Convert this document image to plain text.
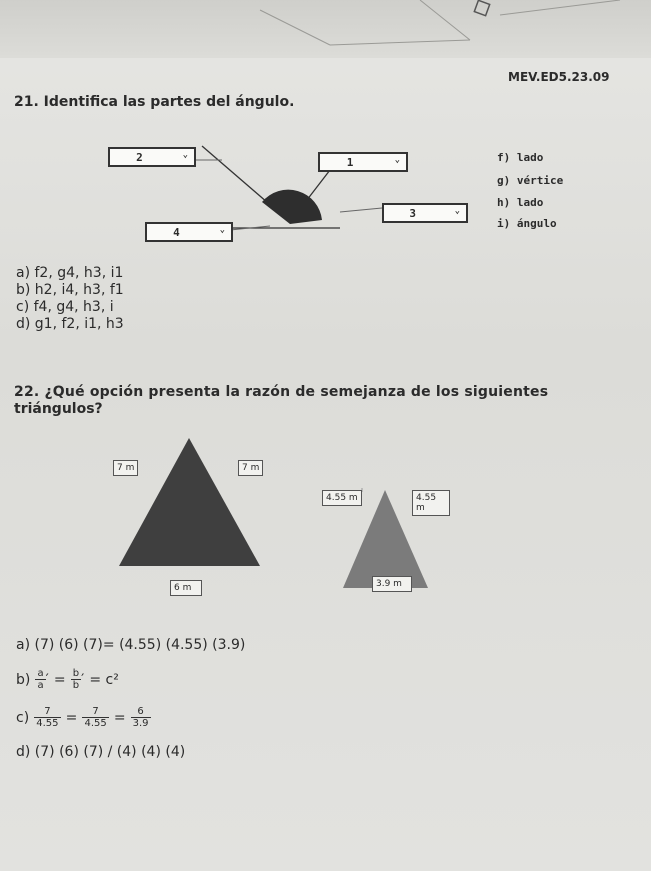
MEV.ED5.23.09
21. Identifica las partes del ángulo.
2	⌄
1	⌄
3	⌄
4	⌄
f) lado
g) vértice
h) lado
i) ángulo
a) f2, g4, h3, i1
b) h2, i4, h3, f1
c) f4, g4, h3, i
d) g1, f2, i1, h3
22. ¿Qué opción presenta la razón de semejanza de los siguientes
triángulos?
7 m	7 m
6 m
4.55 m	4.55 m
3.9 m
a) (7) (6) (7)= (4.55) (4.55) (3.9)
$b) \frac{a}{a}$ ′ = $\frac{b}{b}$ ′ = c²
$c) \frac{7}{4.55} = \frac{7}{4.55} = \frac{6}{3.9}$
d) (7) (6) (7) / (4) (4) (4)
